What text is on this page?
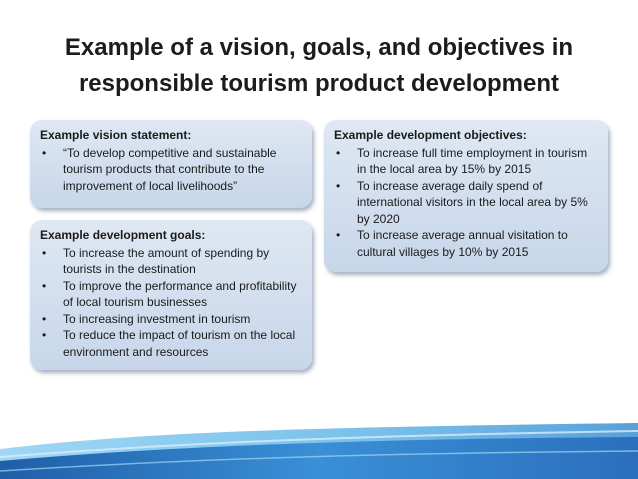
Example of a vision, goals, and objectives in
responsible tourism product development
Example vision statement:
• “To develop competitive and sustainable tourism products that contribute to the improvement of local livelihoods”
Example development goals:
• To increase the amount of spending by tourists in the destination
• To improve the performance and profitability of local tourism businesses
• To increasing investment in tourism
• To reduce the impact of tourism on the local environment and resources
Example development objectives:
• To increase full time employment in tourism in the local area by 15% by 2015
• To increase average daily spend of international visitors in the local area by 5% by 2020
• To increase average annual visitation to cultural villages by 10% by 2015
